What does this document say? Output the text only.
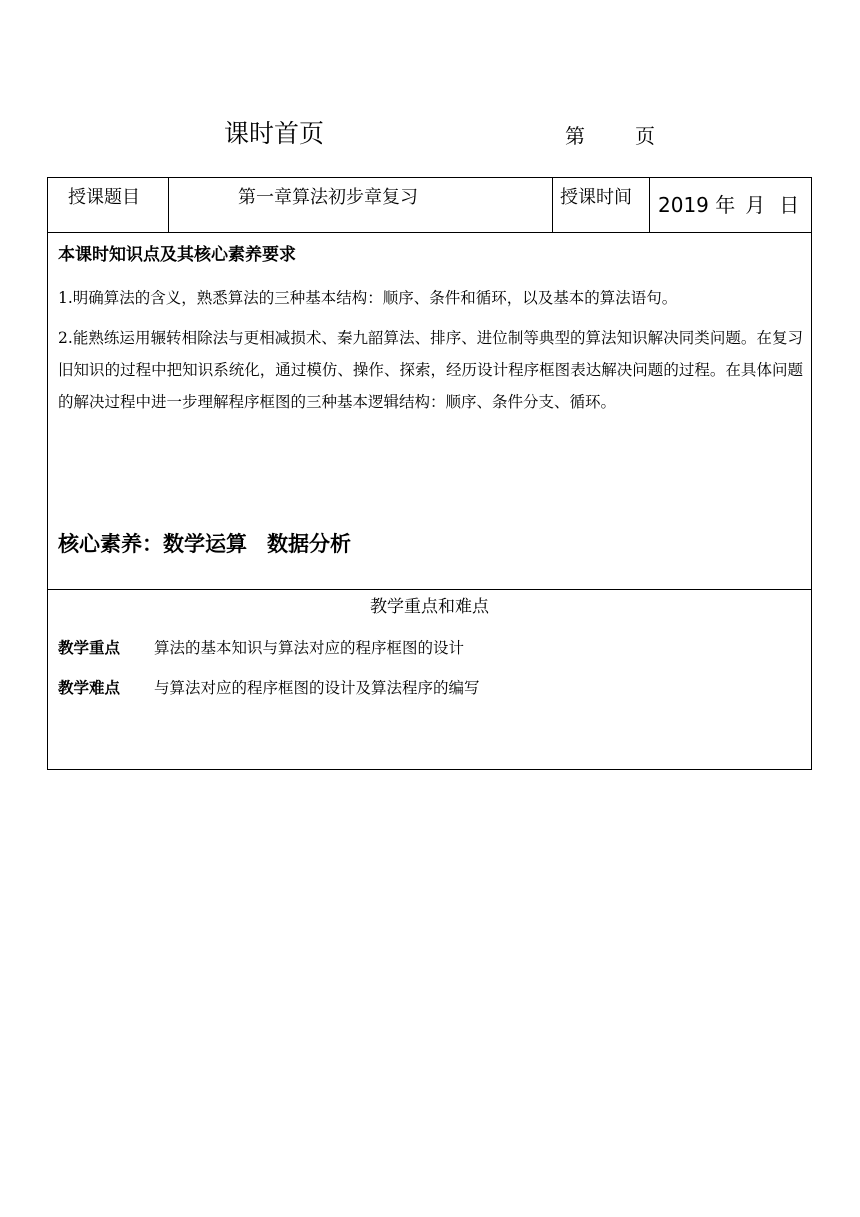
课时首页	第	页
授课题目	第一章算法初步章复习	授课时间 2019 年 月 日
本课时知识点及其核心素养要求

1.明确算法的含义，熟悉算法的三种基本结构：顺序、条件和循环，以及基本的算法语句。

2.能熟练运用辗转相除法与更相减损术、秦九韶算法、排序、进位制等典型的算法知识解决同类问题。在复习旧知识的过程中把知识系统化，通过模仿、操作、探索，经历设计程序框图表达解决问题的过程。在具体问题的解决过程中进一步理解程序框图的三种基本逻辑结构：顺序、条件分支、循环。

核心素养：数学运算 数据分析
教学重点和难点
教学重点 算法的基本知识与算法对应的程序框图的设计
教学难点 与算法对应的程序框图的设计及算法程序的编写
